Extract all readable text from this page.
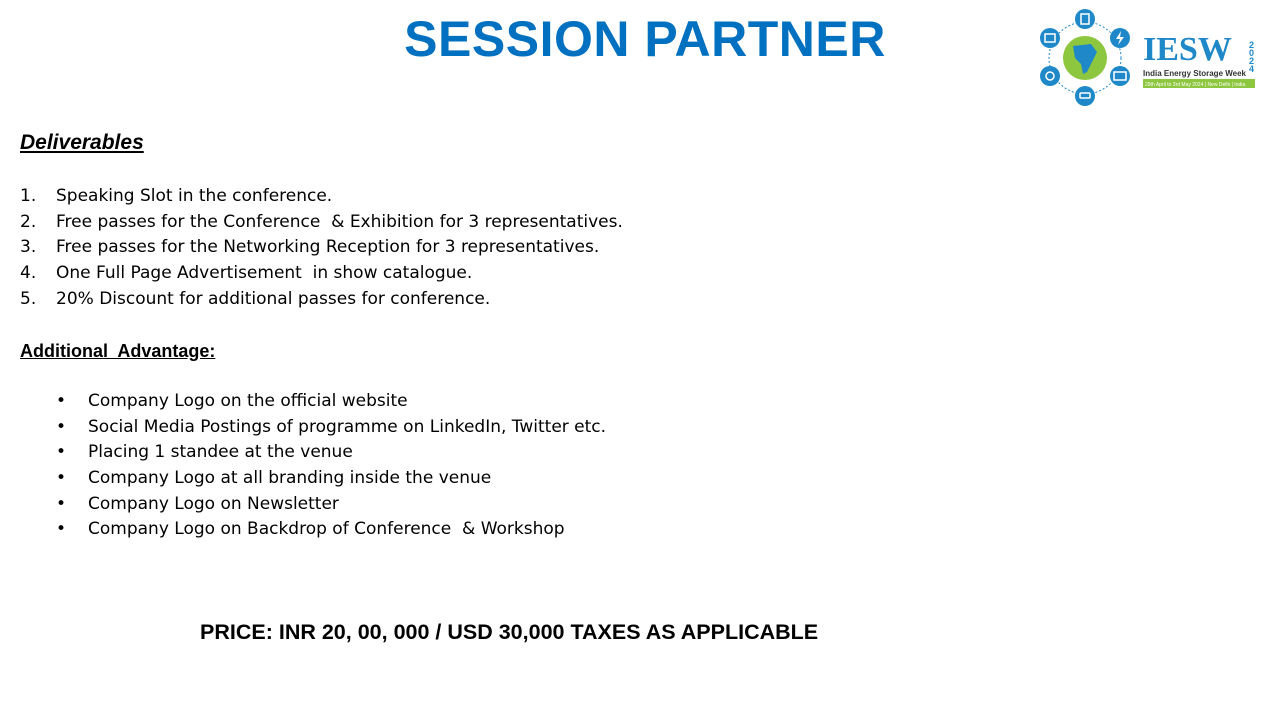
SESSION PARTNER	IESW 2
0
2
4
India Energy Storage Week
29th April to 3rd May 2024 | New Delhi | India
Deliverables
1. Speaking Slot in the conference.
2. Free passes for the Conference  & Exhibition for 3 representatives.
3. Free passes for the Networking Reception for 3 representatives.
4. One Full Page Advertisement  in show catalogue.
5. 20% Discount for additional passes for conference.
Additional  Advantage:
• Company Logo on the official website
• Social Media Postings of programme on LinkedIn, Twitter etc.
• Placing 1 standee at the venue
• Company Logo at all branding inside the venue
• Company Logo on Newsletter
• Company Logo on Backdrop of Conference  & Workshop
PRICE: INR 20, 00, 000 / USD 30,000 TAXES AS APPLICABLE
